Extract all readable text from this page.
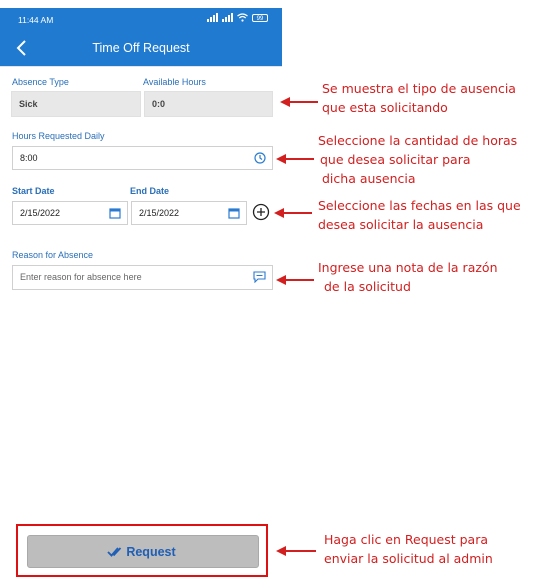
11:44 AM	99
Time Off Request
Absence Type
Sick
Available Hours
0:0
Hours Requested Daily
8:00
Start Date
2/15/2022
End Date
2/15/2022
Reason for Absence
Enter reason for absence here
Request
Se muestra el tipo de ausencia
que esta solicitando
Seleccione la cantidad de horas
que desea solicitar para
dicha ausencia
Seleccione las fechas en las que
desea solicitar la ausencia
Ingrese una nota de la razón
de la solicitud
Haga clic en Request para
enviar la solicitud al admin
